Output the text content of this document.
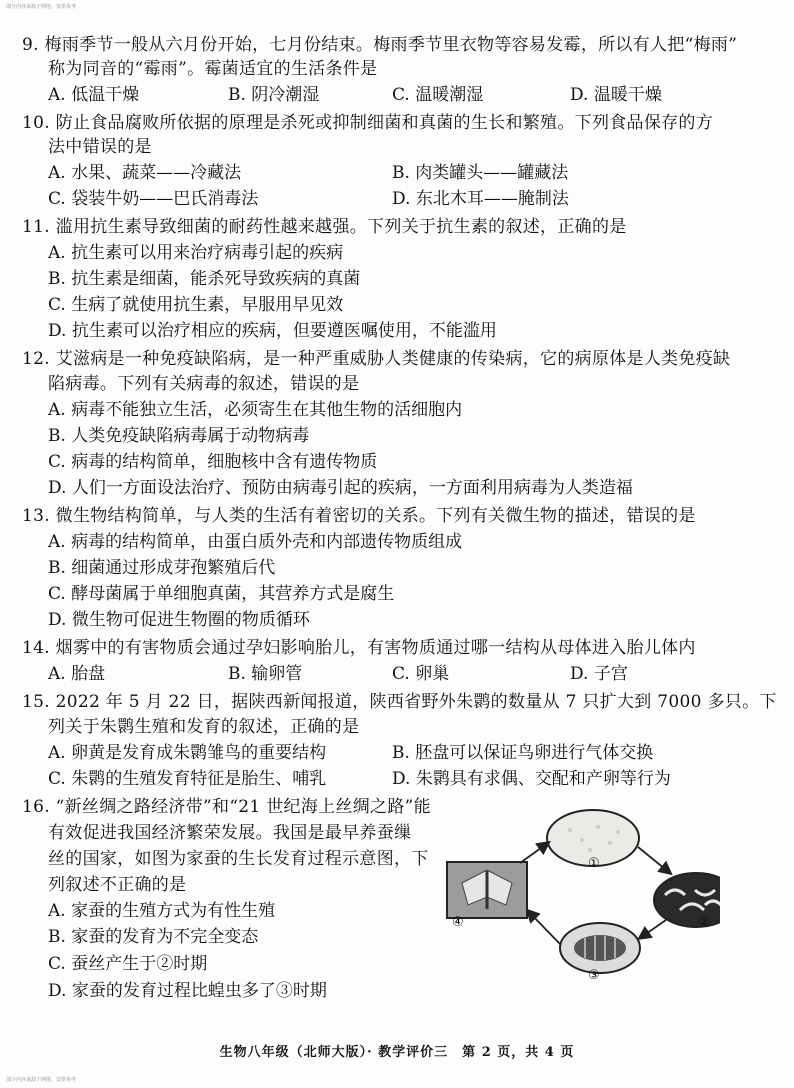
部分内容来源于网络，仅供参考
9. 梅雨季节一般从六月份开始，七月份结束。梅雨季节里衣物等容易发霉，所以有人把“梅雨”
称为同音的“霉雨”。霉菌适宜的生活条件是
A. 低温干燥	B. 阴冷潮湿	C. 温暖潮湿	D. 温暖干燥
10. 防止食品腐败所依据的原理是杀死或抑制细菌和真菌的生长和繁殖。下列食品保存的方
法中错误的是
A. 水果、蔬菜——冷藏法	B. 肉类罐头——罐藏法
C. 袋装牛奶——巴氏消毒法	D. 东北木耳——腌制法
11. 滥用抗生素导致细菌的耐药性越来越强。下列关于抗生素的叙述，正确的是
A. 抗生素可以用来治疗病毒引起的疾病
B. 抗生素是细菌，能杀死导致疾病的真菌
C. 生病了就使用抗生素，早服用早见效
D. 抗生素可以治疗相应的疾病，但要遵医嘱使用，不能滥用
12. 艾滋病是一种免疫缺陷病，是一种严重威胁人类健康的传染病，它的病原体是人类免疫缺
陷病毒。下列有关病毒的叙述，错误的是
A. 病毒不能独立生活，必须寄生在其他生物的活细胞内
B. 人类免疫缺陷病毒属于动物病毒
C. 病毒的结构简单，细胞核中含有遗传物质
D. 人们一方面设法治疗、预防由病毒引起的疾病，一方面利用病毒为人类造福
13. 微生物结构简单，与人类的生活有着密切的关系。下列有关微生物的描述，错误的是
A. 病毒的结构简单，由蛋白质外壳和内部遗传物质组成
B. 细菌通过形成芽孢繁殖后代
C. 酵母菌属于单细胞真菌，其营养方式是腐生
D. 微生物可促进生物圈的物质循环
14. 烟雾中的有害物质会通过孕妇影响胎儿，有害物质通过哪一结构从母体进入胎儿体内
A. 胎盘	B. 输卵管	C. 卵巢	D. 子宫
15. 2022 年 5 月 22 日，据陕西新闻报道，陕西省野外朱鹮的数量从 7 只扩大到 7000 多只。下
列关于朱鹮生殖和发育的叙述，正确的是
A. 卵黄是发育成朱鹮雏鸟的重要结构	B. 胚盘可以保证鸟卵进行气体交换
C. 朱鹮的生殖发育特征是胎生、哺乳	D. 朱鹮具有求偶、交配和产卵等行为
16. “新丝绸之路经济带”和“21 世纪海上丝绸之路”能
有效促进我国经济繁荣发展。我国是最早养蚕缫
丝的国家，如图为家蚕的生长发育过程示意图，下
列叙述不正确的是
A. 家蚕的生殖方式为有性生殖
B. 家蚕的发育为不完全变态
C. 蚕丝产生于②时期
D. 家蚕的发育过程比蝗虫多了③时期
①
②
③
④
生物八年级（北师大版）· 教学评价三　第 2 页，共 4 页
部分内容来源于网络，仅供参考
